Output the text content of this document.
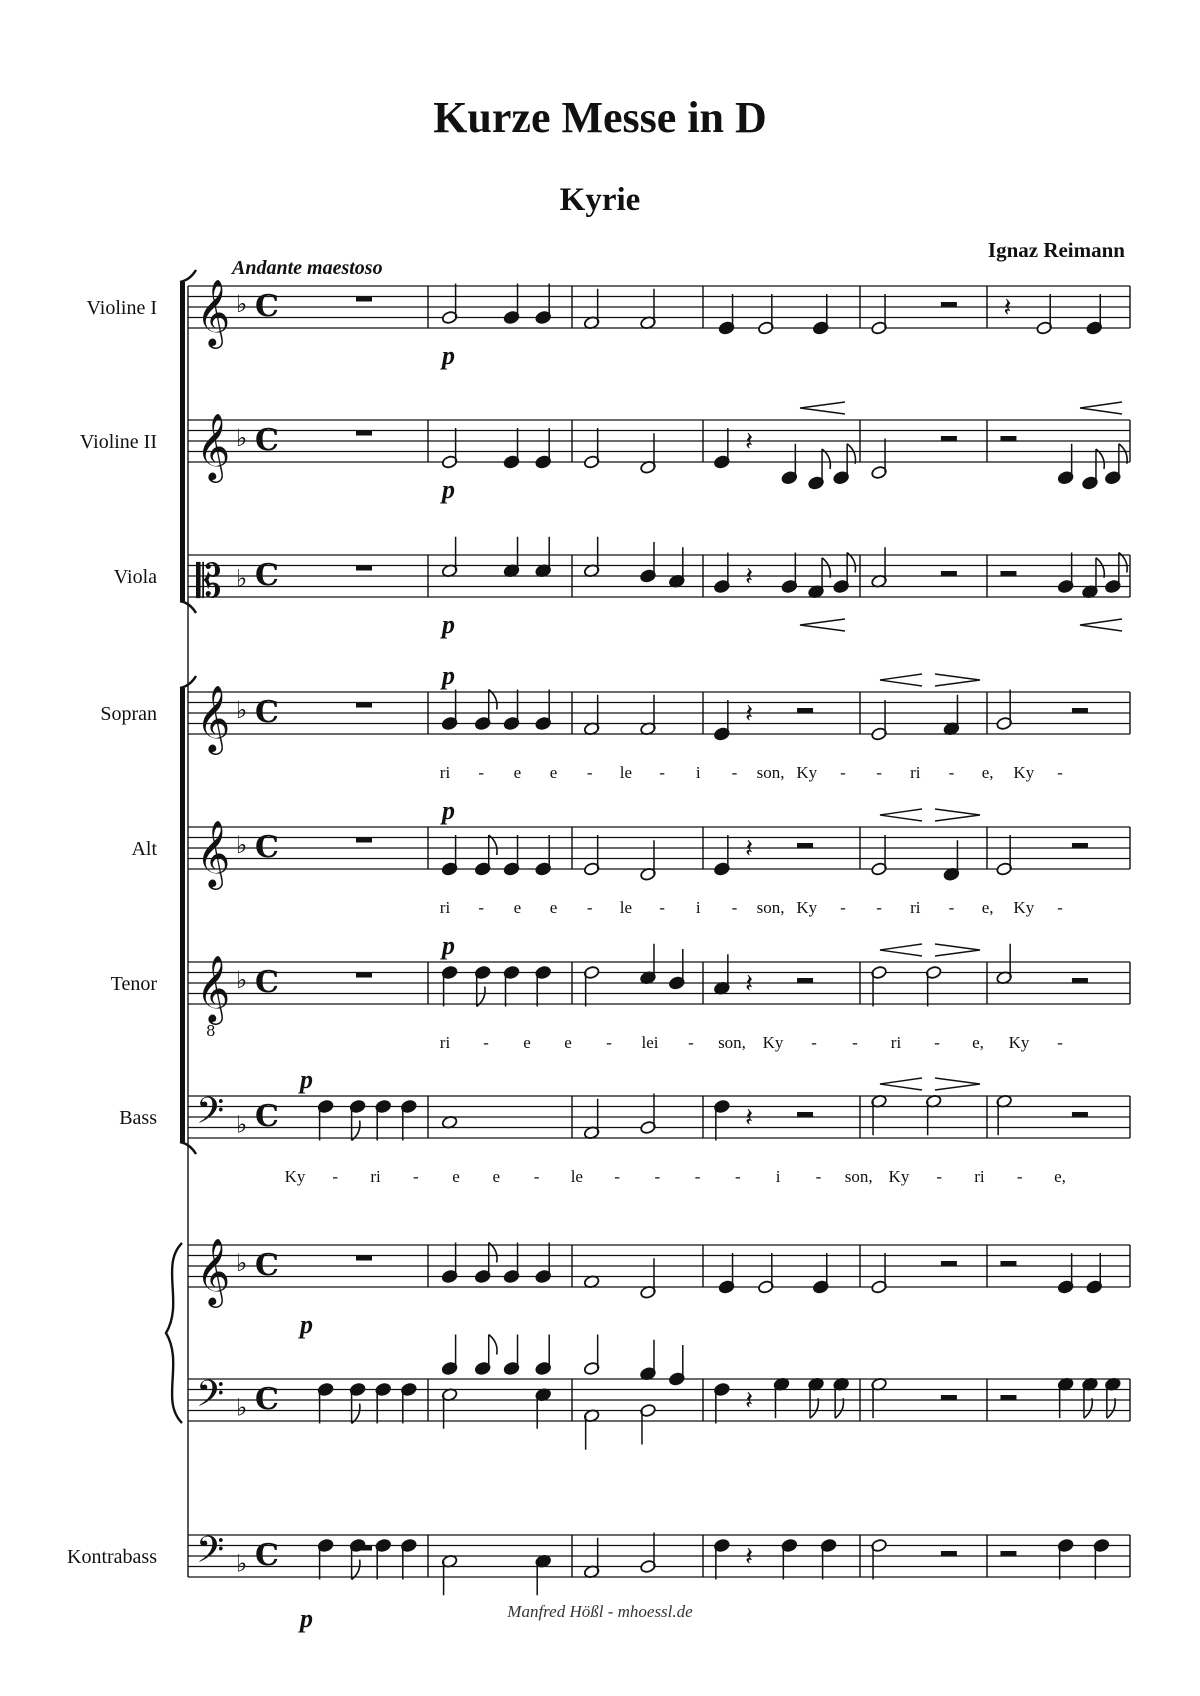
Kurze Messe in D
Kyrie
Ignaz Reimann
Violine I
Violine II
Viola
Sopran
Alt
Tenor
Bass
Kontrabass
𝄞 ♭ C
𝄞 ♭ C
𝄡 ♭ C
𝄞 ♭ C
𝄞 ♭ C
𝄞
8
♭ C
𝄢 ♭ C
𝄞 ♭ C
𝄢 ♭ C
𝄢 ♭ C
𝄽
𝄽
𝄽
𝄽
𝄽
𝄽
𝄽
𝄽
𝄽
p
p
p
p
p
p
p
p
p
ri - e e - le - i - son, Ky - - ri - e, Ky -
ri - e e - le - i - son, Ky - - ri - e, Ky -
ri - e e - lei - son, Ky - - ri - e, Ky -
Ky - ri - e e - le - - - - i - son, Ky - ri - e,
Andante maestoso
Manfred Hößl - mhoessl.de
